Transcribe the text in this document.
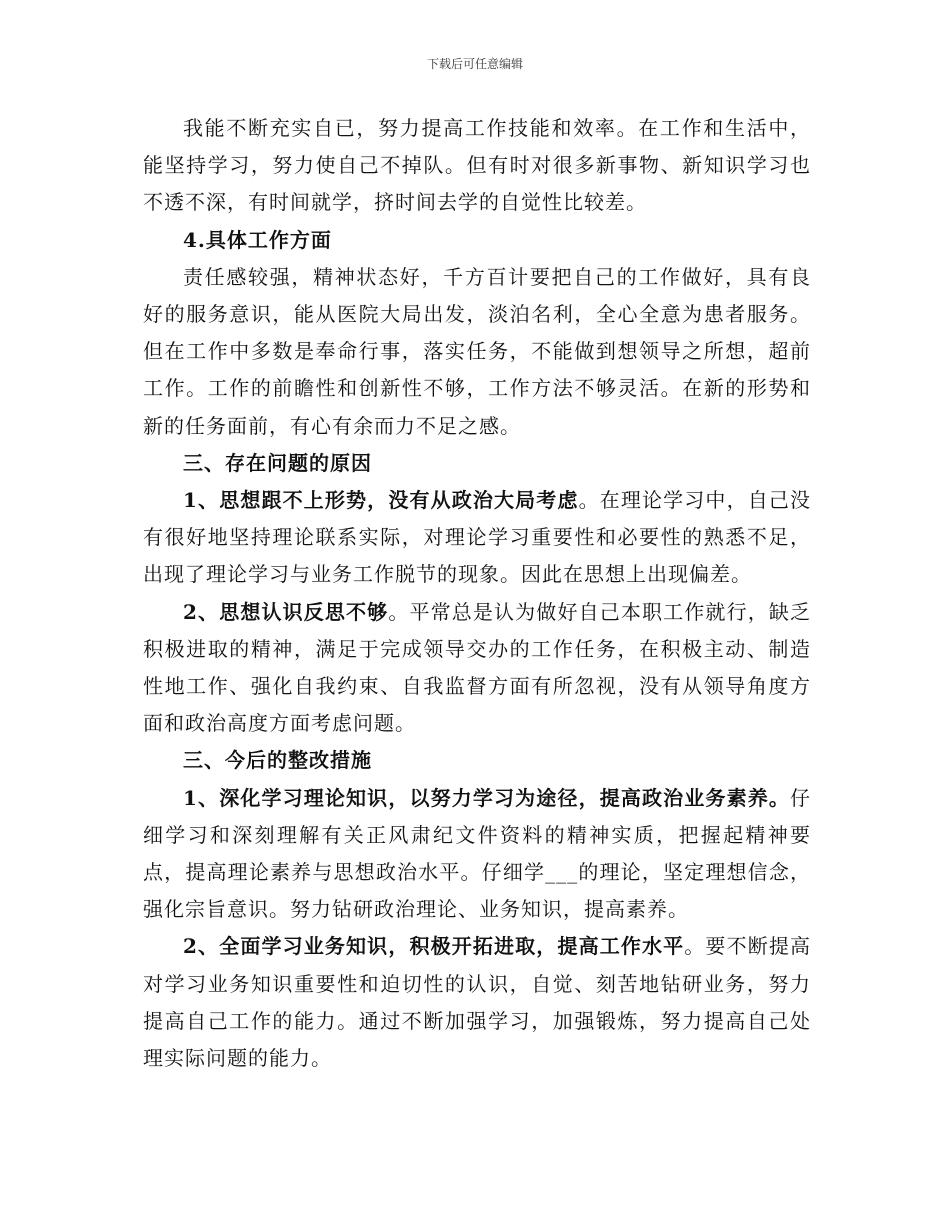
下载后可任意编辑

我能不断充实自已，努力提高工作技能和效率。在工作和生活中，能坚持学习，努力使自己不掉队。但有时对很多新事物、新知识学习也不透不深，有时间就学，挤时间去学的自觉性比较差。

4.具体工作方面

责任感较强，精神状态好，千方百计要把自己的工作做好，具有良好的服务意识，能从医院大局出发，淡泊名利，全心全意为患者服务。但在工作中多数是奉命行事，落实任务，不能做到想领导之所想，超前工作。工作的前瞻性和创新性不够，工作方法不够灵活。在新的形势和新的任务面前，有心有余而力不足之感。

三、存在问题的原因

1、思想跟不上形势，没有从政治大局考虑。在理论学习中，自己没有很好地坚持理论联系实际，对理论学习重要性和必要性的熟悉不足，出现了理论学习与业务工作脱节的现象。因此在思想上出现偏差。

2、思想认识反思不够。平常总是认为做好自己本职工作就行，缺乏积极进取的精神，满足于完成领导交办的工作任务，在积极主动、制造性地工作、强化自我约束、自我监督方面有所忽视，没有从领导角度方面和政治高度方面考虑问题。

三、今后的整改措施

1、深化学习理论知识，以努力学习为途径，提高政治业务素养。仔细学习和深刻理解有关正风肃纪文件资料的精神实质，把握起精神要点，提高理论素养与思想政治水平。仔细学___的理论，坚定理想信念，强化宗旨意识。努力钻研政治理论、业务知识，提高素养。

2、全面学习业务知识，积极开拓进取，提高工作水平。要不断提高对学习业务知识重要性和迫切性的认识，自觉、刻苦地钻研业务，努力提高自己工作的能力。通过不断加强学习，加强锻炼，努力提高自己处理实际问题的能力。
